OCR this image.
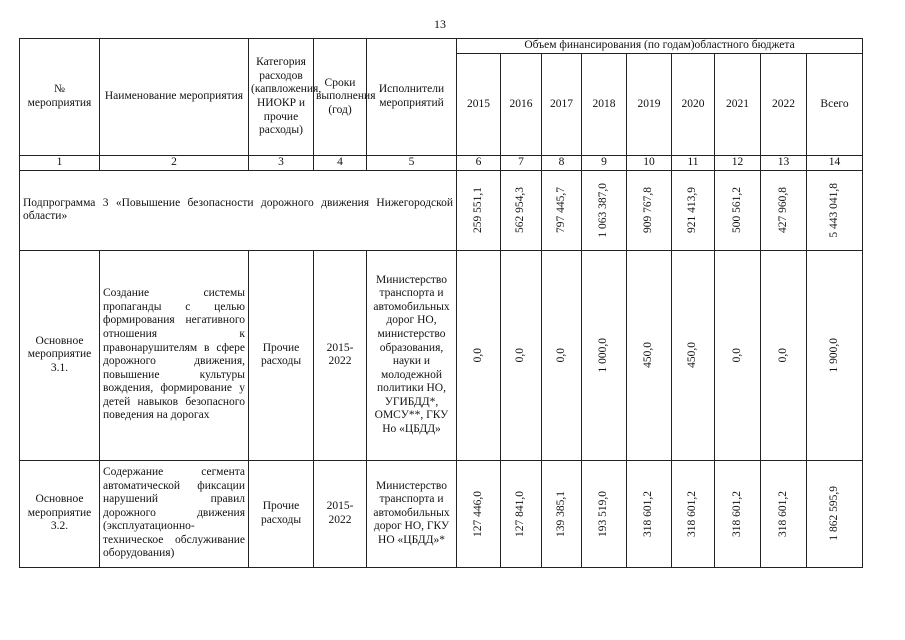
13
№ мероприятия	Наименование мероприятия	Категория расходов (капвложения, НИОКР и прочие расходы)	Сроки выполнения (год)	Исполнители мероприятий	Объем финансирования (по годам)областного бюджета								
					2015	2016	2017	2018	2019	2020	2021	2022	Всего
1	2	3	4	5	6	7	8	9	10	11	12	13	14
Подпрограмма 3 «Повышение безопасности дорожного движения Нижегородской области»					259 551,1	562 954,3	797 445,7	1 063 387,0	909 767,8	921 413,9	500 561,2	427 960,8	5 443 041,8

Основное мероприятие 3.1.	Создание системы пропаганды с целью формирования негативного отношения к правонарушителям в сфере дорожного движения, повышение культуры вождения, формирование у детей навыков безопасного поведения на дорогах	Прочие расходы	2015-2022	Министерство транспорта и автомобильных дорог НО, министерство образования, науки и молодежной политики НО, УГИБДД*, ОМСУ**, ГКУ Но «ЦБДД»	0,0	0,0	0,0	1 000,0	450,0	450,0	0,0	0,0	1 900,0

Основное мероприятие 3.2.	Содержание сегмента автоматической фиксации нарушений правил дорожного движения (эксплуатационно-техническое обслуживание оборудования)	Прочие расходы	2015-2022	Министерство транспорта и автомобильных дорог НО, ГКУ НО «ЦБДД»*	127 446,0	127 841,0	139 385,1	193 519,0	318 601,2	318 601,2	318 601,2	318 601,2	1 862 595,9
